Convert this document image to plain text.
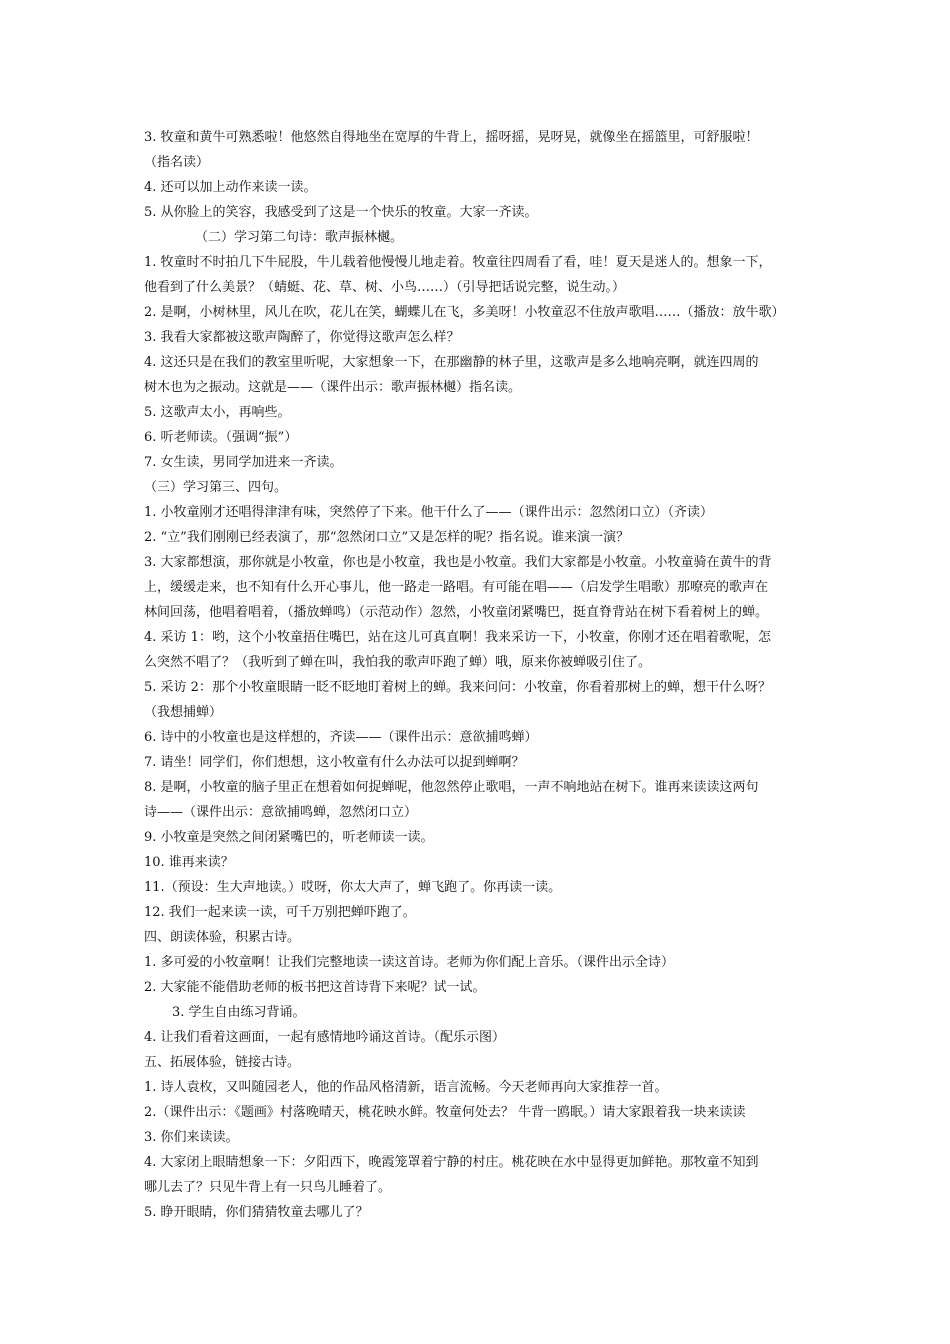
3. 牧童和黄牛可熟悉啦！他悠然自得地坐在宽厚的牛背上，摇呀摇，晃呀晃，就像坐在摇篮里，可舒服啦！
（指名读）
4. 还可以加上动作来读一读。
5. 从你脸上的笑容，我感受到了这是一个快乐的牧童。大家一齐读。
（二）学习第二句诗：歌声振林樾。
1. 牧童时不时拍几下牛屁股，牛儿载着他慢慢儿地走着。牧童往四周看了看，哇！夏天是迷人的。想象一下，
他看到了什么美景？（蜻蜓、花、草、树、小鸟……）（引导把话说完整，说生动。）
2. 是啊，小树林里，风儿在吹，花儿在笑，蝴蝶儿在飞，多美呀！小牧童忍不住放声歌唱……（播放：放牛歌）
3. 我看大家都被这歌声陶醉了，你觉得这歌声怎么样？
4. 这还只是在我们的教室里听呢，大家想象一下，在那幽静的林子里，这歌声是多么地响亮啊，就连四周的
树木也为之振动。这就是——（课件出示：歌声振林樾）指名读。
5. 这歌声太小，再响些。
6. 听老师读。（强调“振”）
7. 女生读，男同学加进来一齐读。
（三）学习第三、四句。
1. 小牧童刚才还唱得津津有味，突然停了下来。他干什么了——（课件出示：忽然闭口立）（齐读）
2. “立”我们刚刚已经表演了，那“忽然闭口立”又是怎样的呢？指名说。谁来演一演？
3. 大家都想演，那你就是小牧童，你也是小牧童，我也是小牧童。我们大家都是小牧童。小牧童骑在黄牛的背
上，缓缓走来，也不知有什么开心事儿，他一路走一路唱。有可能在唱——（启发学生唱歌）那嘹亮的歌声在
林间回荡，他唱着唱着，（播放蝉鸣）（示范动作）忽然，小牧童闭紧嘴巴，挺直脊背站在树下看着树上的蝉。
4. 采访 1：哟，这个小牧童捂住嘴巴，站在这儿可真直啊！我来采访一下，小牧童，你刚才还在唱着歌呢，怎
么突然不唱了？（我听到了蝉在叫，我怕我的歌声吓跑了蝉）哦，原来你被蝉吸引住了。
5. 采访 2：那个小牧童眼睛一眨不眨地盯着树上的蝉。我来问问：小牧童，你看着那树上的蝉，想干什么呀？
（我想捕蝉）
6. 诗中的小牧童也是这样想的，齐读——（课件出示：意欲捕鸣蝉）
7. 请坐！同学们，你们想想，这小牧童有什么办法可以捉到蝉啊？
8. 是啊，小牧童的脑子里正在想着如何捉蝉呢，他忽然停止歌唱，一声不响地站在树下。谁再来读读这两句
诗——（课件出示：意欲捕鸣蝉，忽然闭口立）
9. 小牧童是突然之间闭紧嘴巴的，听老师读一读。
10. 谁再来读？
11.（预设：生大声地读。）哎呀，你太大声了，蝉飞跑了。你再读一读。
12. 我们一起来读一读，可千万别把蝉吓跑了。
四、朗读体验，积累古诗。
1. 多可爱的小牧童啊！让我们完整地读一读这首诗。老师为你们配上音乐。（课件出示全诗）
2. 大家能不能借助老师的板书把这首诗背下来呢？试一试。
3. 学生自由练习背诵。
4. 让我们看着这画面，一起有感情地吟诵这首诗。（配乐示图）
五、拓展体验，链接古诗。
1. 诗人袁枚，又叫随园老人，他的作品风格清新，语言流畅。今天老师再向大家推荐一首。
2.（课件出示：《题画》村落晚晴天，桃花映水鲜。牧童何处去？ 牛背一鸥眠。）请大家跟着我一块来读读
3. 你们来读读。
4. 大家闭上眼睛想象一下：夕阳西下，晚霞笼罩着宁静的村庄。桃花映在水中显得更加鲜艳。那牧童不知到
哪儿去了？只见牛背上有一只鸟儿睡着了。
5. 睁开眼睛，你们猜猜牧童去哪儿了？
